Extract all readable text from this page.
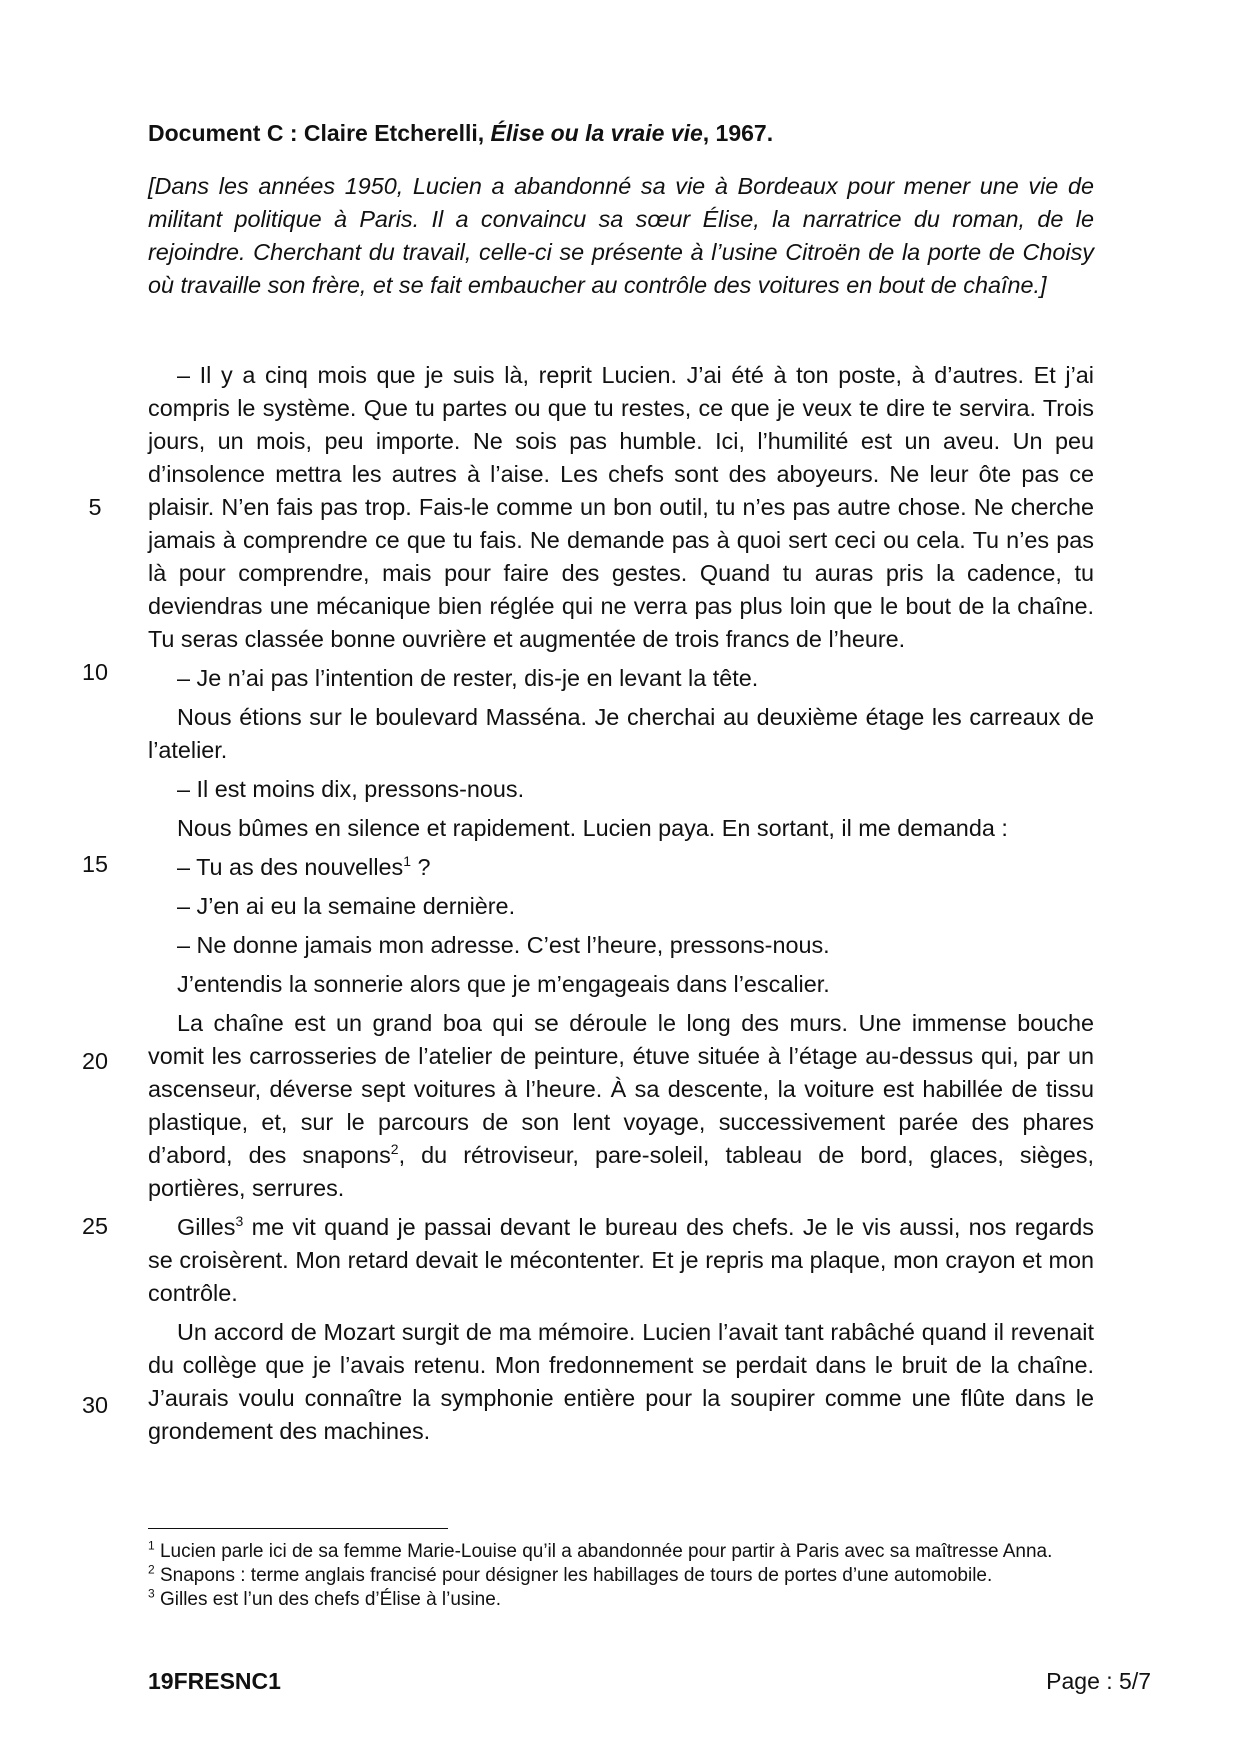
Document C : Claire Etcherelli, Élise ou la vraie vie, 1967.
[Dans les années 1950, Lucien a abandonné sa vie à Bordeaux pour mener une vie de militant politique à Paris. Il a convaincu sa sœur Élise, la narratrice du roman, de le rejoindre. Cherchant du travail, celle-ci se présente à l’usine Citroën de la porte de Choisy où travaille son frère, et se fait embaucher au contrôle des voitures en bout de chaîne.]

– Il y a cinq mois que je suis là, reprit Lucien. J’ai été à ton poste, à d’autres. Et j’ai compris le système. Que tu partes ou que tu restes, ce que je veux te dire te servira. Trois jours, un mois, peu importe. Ne sois pas humble. Ici, l’humilité est un aveu. Un peu d’insolence mettra les autres à l’aise. Les chefs sont des aboyeurs. Ne leur ôte pas ce plaisir. N’en fais pas trop. Fais-le comme un bon outil, tu n’es pas autre chose. Ne cherche jamais à comprendre ce que tu fais. Ne demande pas à quoi sert ceci ou cela. Tu n’es pas là pour comprendre, mais pour faire des gestes. Quand tu auras pris la cadence, tu deviendras une mécanique bien réglée qui ne verra pas plus loin que le bout de la chaîne. Tu seras classée bonne ouvrière et augmentée de trois francs de l’heure.

– Je n’ai pas l’intention de rester, dis-je en levant la tête.

Nous étions sur le boulevard Masséna. Je cherchai au deuxième étage les carreaux de l’atelier.

– Il est moins dix, pressons-nous.

Nous bûmes en silence et rapidement. Lucien paya. En sortant, il me demanda :

– Tu as des nouvelles$^1$ ?

– J’en ai eu la semaine dernière.

– Ne donne jamais mon adresse. C’est l’heure, pressons-nous.

J’entendis la sonnerie alors que je m’engageais dans l’escalier.

La chaîne est un grand boa qui se déroule le long des murs. Une immense bouche vomit les carrosseries de l’atelier de peinture, étuve située à l’étage au-dessus qui, par un ascenseur, déverse sept voitures à l’heure. À sa descente, la voiture est habillée de tissu plastique, et, sur le parcours de son lent voyage, successivement parée des phares d’abord, des snapons$^2$, du rétroviseur, pare-soleil, tableau de bord, glaces, sièges, portières, serrures.

Gilles$^3$ me vit quand je passai devant le bureau des chefs. Je le vis aussi, nos regards se croisèrent. Mon retard devait le mécontenter. Et je repris ma plaque, mon crayon et mon contrôle.

Un accord de Mozart surgit de ma mémoire. Lucien l’avait tant rabâché quand il revenait du collège que je l’avais retenu. Mon fredonnement se perdait dans le bruit de la chaîne. J’aurais voulu connaître la symphonie entière pour la soupirer comme une flûte dans le grondement des machines.

5
10
15
20
25
30
$^1$ Lucien parle ici de sa femme Marie-Louise qu’il a abandonnée pour partir à Paris avec sa maîtresse Anna.
$^2$ Snapons : terme anglais francisé pour désigner les habillages de tours de portes d’une automobile.
$^3$ Gilles est l’un des chefs d’Élise à l’usine.
19FRESNC1	Page : 5/7
